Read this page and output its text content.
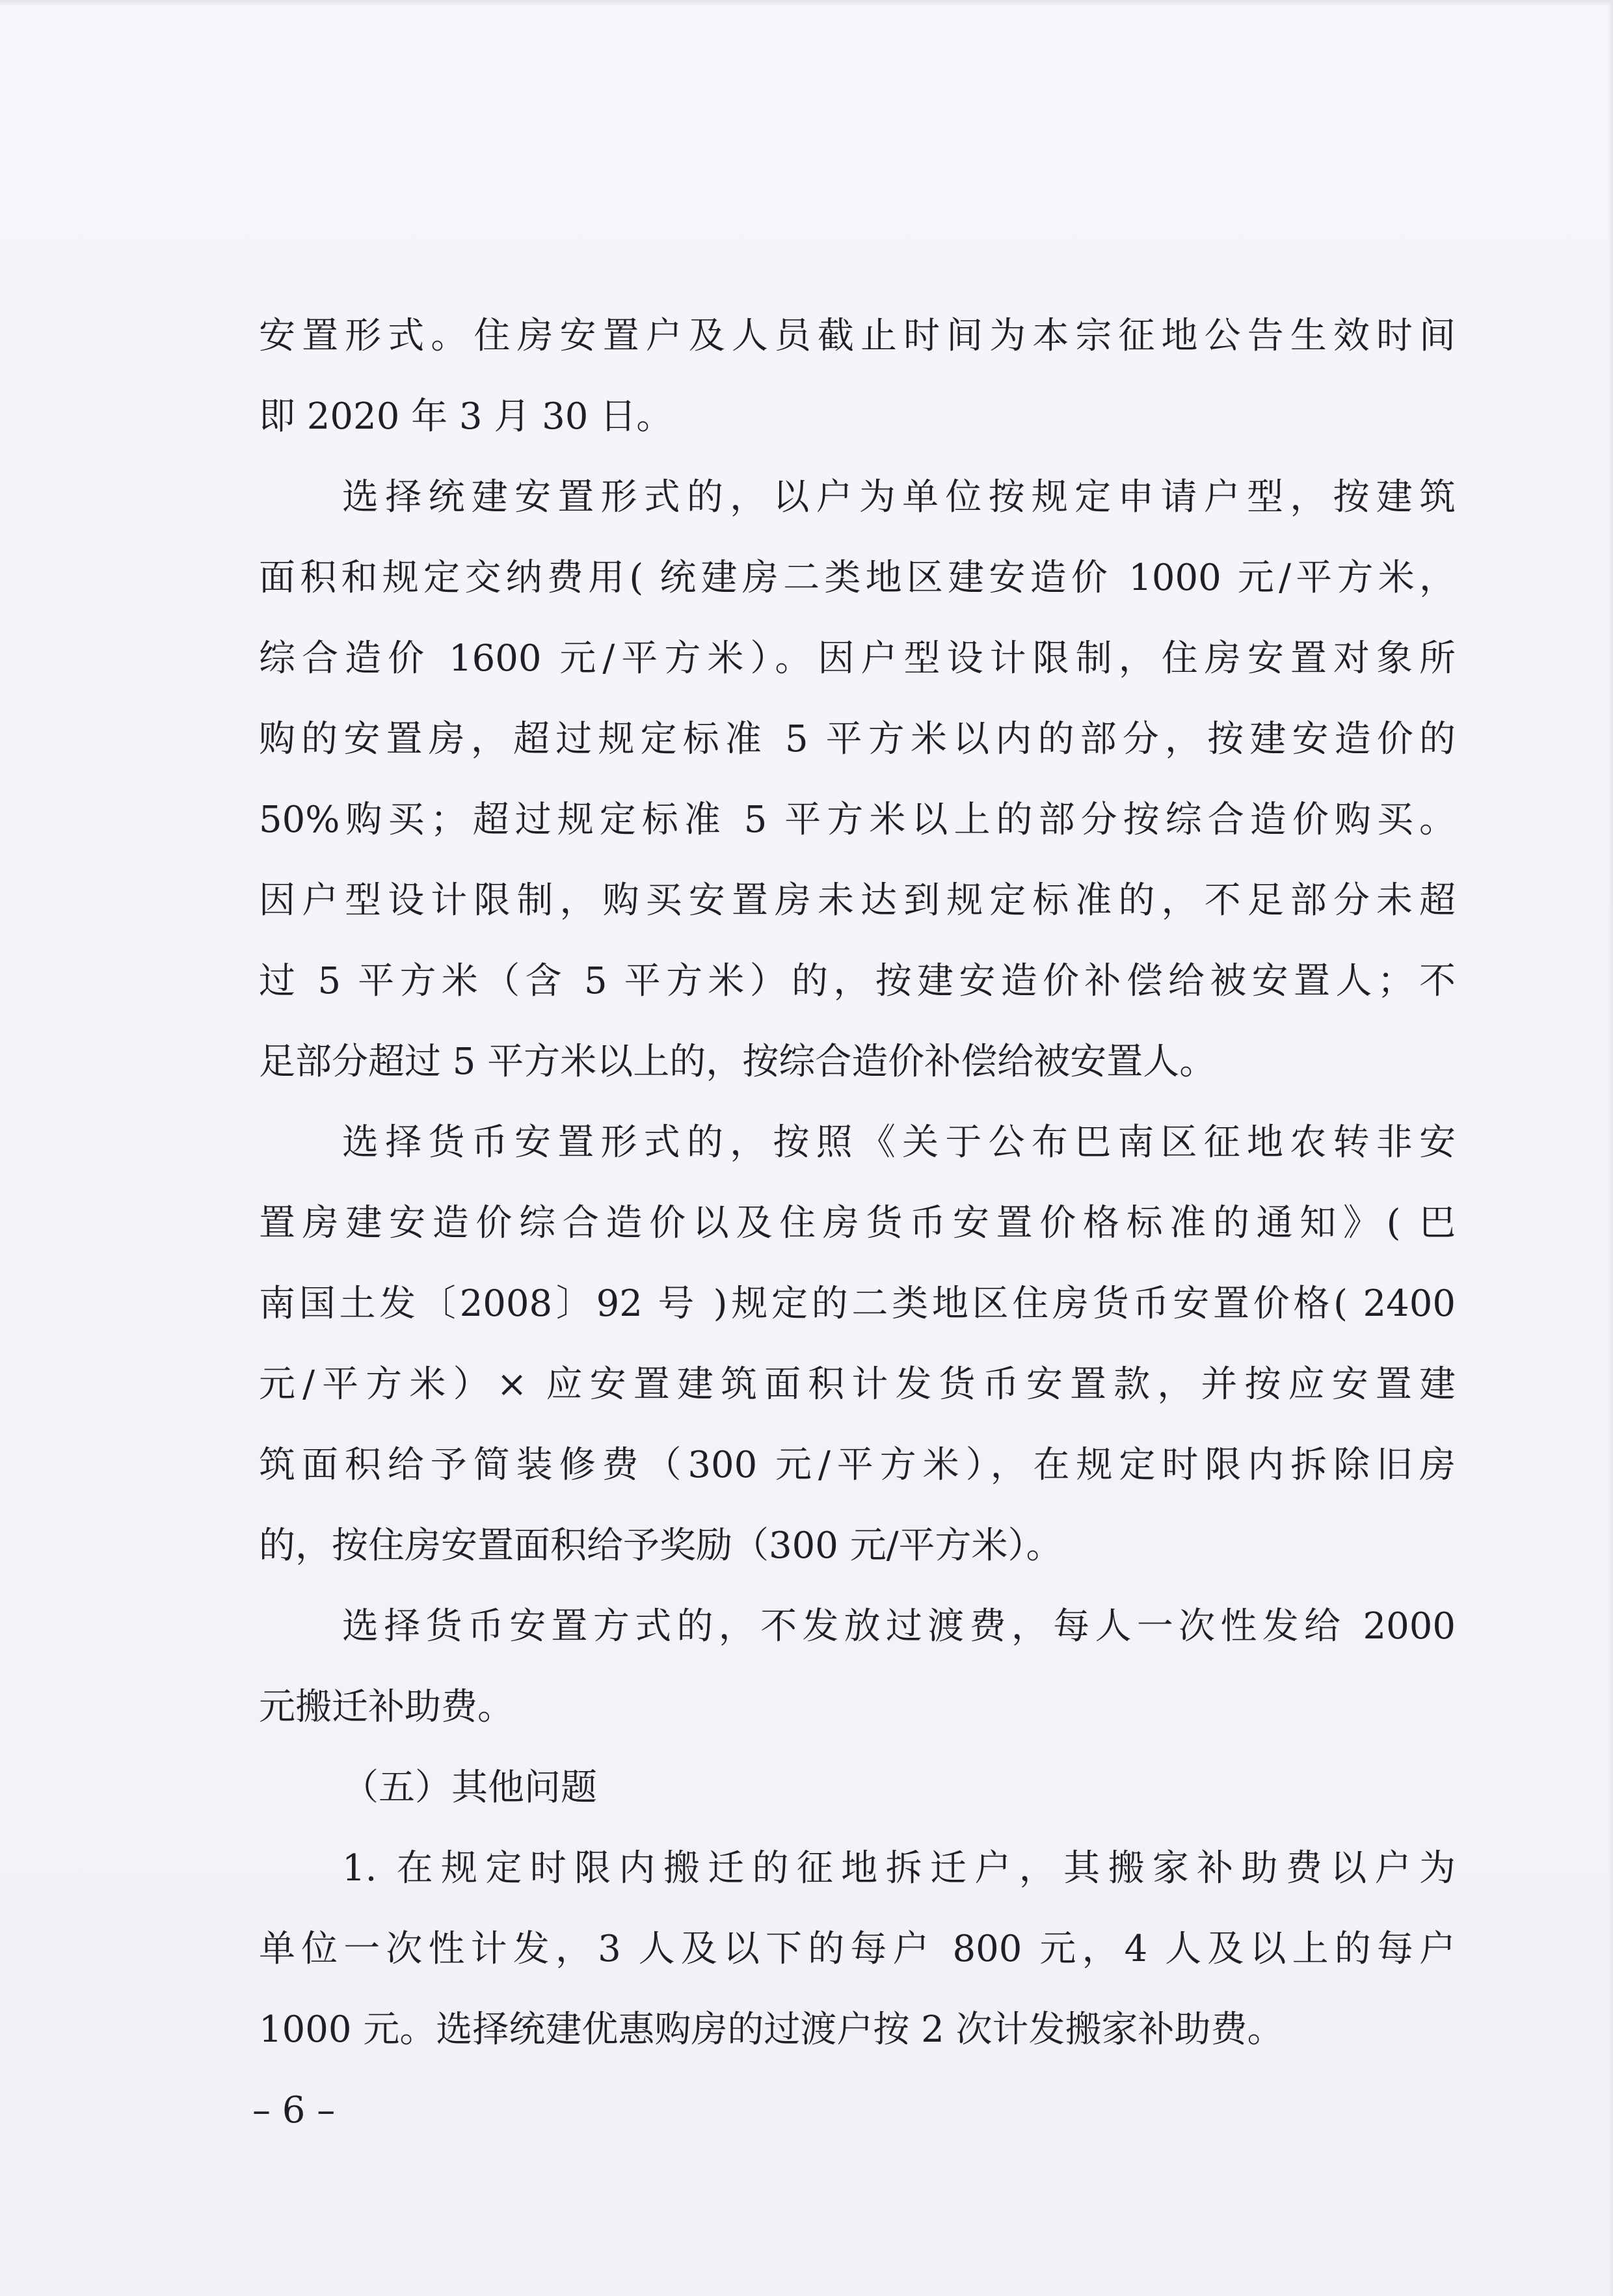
安置形式。住房安置户及人员截止时间为本宗征地公告生效时间
即 2020 年 3 月 30 日。
选择统建安置形式的，以户为单位按规定申请户型，按建筑
面积和规定交纳费用( 统建房二类地区建安造价 1000 元/平方米，
综合造价 1600 元/平方米）。因户型设计限制，住房安置对象所
购的安置房，超过规定标准 5 平方米以内的部分，按建安造价的
50%购买；超过规定标准 5 平方米以上的部分按综合造价购买。
因户型设计限制，购买安置房未达到规定标准的，不足部分未超
过 5 平方米（含 5 平方米）的，按建安造价补偿给被安置人；不
足部分超过 5 平方米以上的，按综合造价补偿给被安置人。
选择货币安置形式的，按照《关于公布巴南区征地农转非安
置房建安造价综合造价以及住房货币安置价格标准的通知》( 巴
南国土发〔2008〕92 号 )规定的二类地区住房货币安置价格( 2400
元/平方米）× 应安置建筑面积计发货币安置款，并按应安置建
筑面积给予简装修费（300 元/平方米），在规定时限内拆除旧房
的，按住房安置面积给予奖励（300 元/平方米）。
选择货币安置方式的，不发放过渡费，每人一次性发给 2000
元搬迁补助费。
（五）其他问题
1. 在规定时限内搬迁的征地拆迁户，其搬家补助费以户为
单位一次性计发，3 人及以下的每户 800 元，4 人及以上的每户
1000 元。选择统建优惠购房的过渡户按 2 次计发搬家补助费。
– 6 –
